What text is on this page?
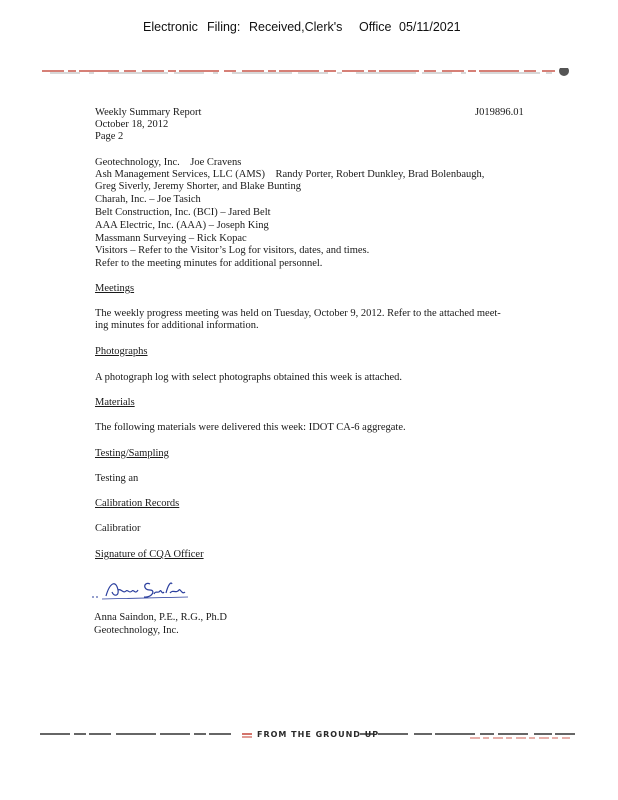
Electronic Filing: Received,Clerk's Office 05/11/2021
Weekly Summary Report
October 18, 2012
Page 2
J019896.01
Geotechnology, Inc.    Joe Cravens
Ash Management Services, LLC (AMS)    Randy Porter, Robert Dunkley, Brad Bolenbaugh,
Greg Siverly, Jeremy Shorter, and Blake Bunting
Charah, Inc. – Joe Tasich
Belt Construction, Inc. (BCI) – Jared Belt
AAA Electric, Inc. (AAA) – Joseph King
Massmann Surveying – Rick Kopac
Visitors – Refer to the Visitor’s Log for visitors, dates, and times.
Refer to the meeting minutes for additional personnel.
Meetings
The weekly progress meeting was held on Tuesday, October 9, 2012. Refer to the attached meet-
ing minutes for additional information.
Photographs
A photograph log with select photographs obtained this week is attached.
Materials
The following materials were delivered this week: IDOT CA-6 aggregate.
Testing/Sampling
Testing an
Calibration Records
Calibratior
Signature of CQA Officer
Anna Saindon, P.E., R.G., Ph.D
Geotechnology, Inc.
FROM THE GROUND UP
